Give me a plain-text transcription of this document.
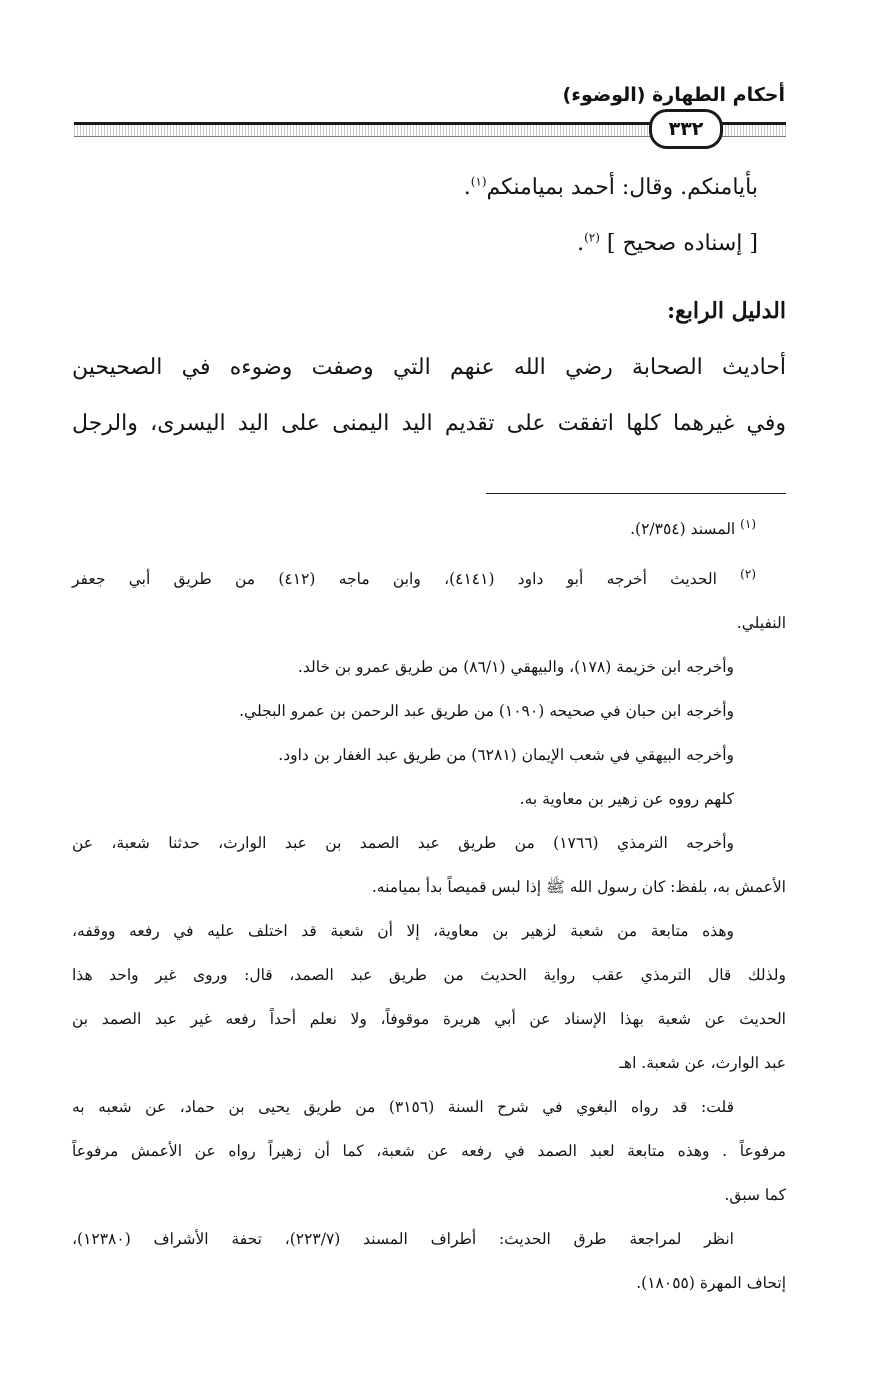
أحكام الطهارة (الوضوء)
٣٣٢

بأيامنكم. وقال: أحمد بميامنكم$^{(١)}$.

[ إسناده صحيح ] $^{(٢)}$.

الدليل الرابع:

أحاديث الصحابة رضي الله عنهم التي وصفت وضوءه في الصحيحين

وفي غيرهما كلها اتفقت على تقديم اليد اليمنى على اليد اليسرى، والرجل

$^{(١)}$ المسند (٢/٣٥٤).

$^{(٢)}$ الحديث أخرجه أبو داود (٤١٤١)، وابن ماجه (٤١٢) من طريق أبي جعفر

النفيلي.

وأخرجه ابن خزيمة (١٧٨)، والبيهقي (٨٦/١) من طريق عمرو بن خالد.

وأخرجه ابن حبان في صحيحه (١٠٩٠) من طريق عبد الرحمن بن عمرو البجلي.

وأخرجه البيهقي في شعب الإيمان (٦٢٨١) من طريق عبد الغفار بن داود.

كلهم رووه عن زهير بن معاوية به.

وأخرجه الترمذي (١٧٦٦) من طريق عبد الصمد بن عبد الوارث، حدثنا شعبة، عن

الأعمش به، بلفظ: كان رسول الله ﷺ إذا لبس قميصاً بدأ بميامنه.

وهذه متابعة من شعبة لزهير بن معاوية، إلا أن شعبة قد اختلف عليه في رفعه ووقفه،

ولذلك قال الترمذي عقب رواية الحديث من طريق عبد الصمد، قال: وروى غير واحد هذا

الحديث عن شعبة بهذا الإسناد عن أبي هريرة موقوفاً، ولا نعلم أحداً رفعه غير عبد الصمد بن

عبد الوارث، عن شعبة. اهـ

قلت: قد رواه البغوي في شرح السنة (٣١٥٦) من طريق يحيى بن حماد، عن شعبه به

مرفوعاً . وهذه متابعة لعبد الصمد في رفعه عن شعبة، كما أن زهيراً رواه عن الأعمش مرفوعاً

كما سبق.

انظر لمراجعة طرق الحديث: أطراف المسند (٢٢٣/٧)، تحفة الأشراف (١٢٣٨٠)،

إتحاف المهرة (١٨٠٥٥).
